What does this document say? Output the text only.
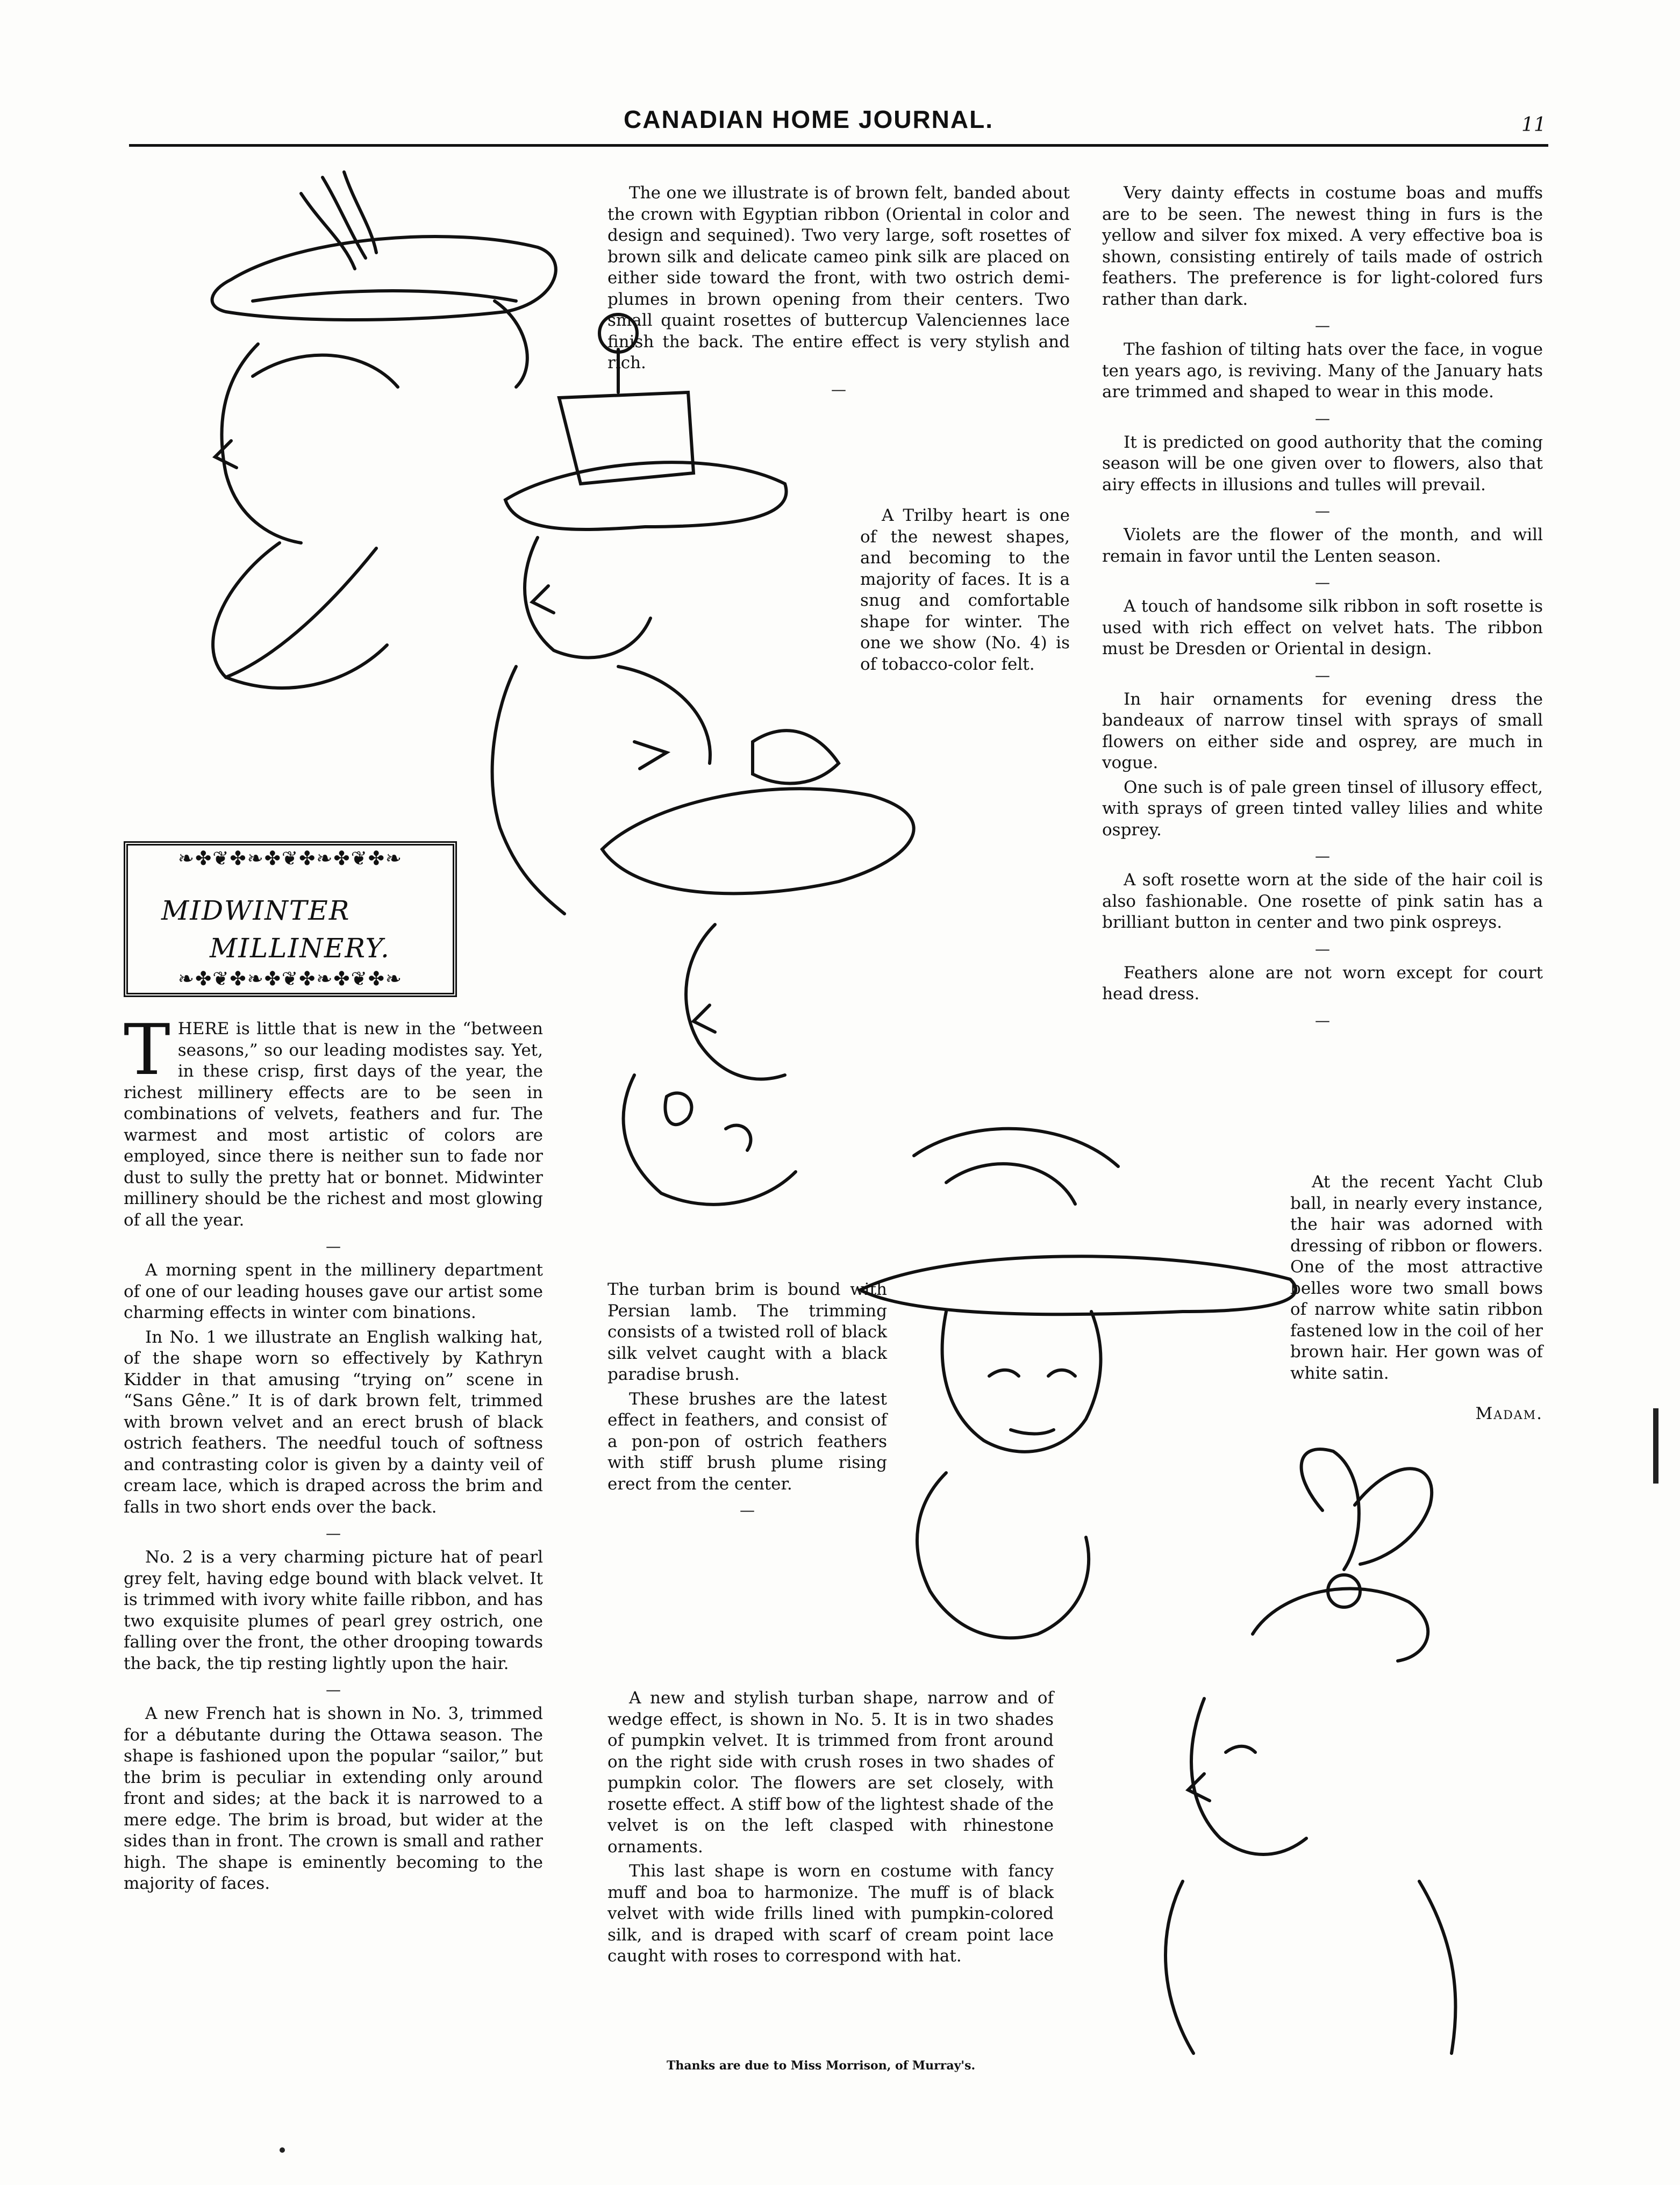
CANADIAN HOME JOURNAL.	11
❧✤❦✤❧✤❦✤❧✤❦✤❧
MIDWINTER
MILLINERY.
❧✤❦✤❧✤❦✤❧✤❦✤❧

THERE is little that is new in the “between seasons,” so our leading modistes say. Yet, in these crisp, first days of the year, the richest millinery effects are to be seen in combinations of velvets, feathers and fur. The warmest and most artistic of colors are employed, since there is neither sun to fade nor dust to sully the pretty hat or bonnet. Midwinter millinery should be the richest and most glowing of all the year.

—

A morning spent in the millinery department of one of our leading houses gave our artist some charming effects in winter com binations.

In No. 1 we illustrate an English walking hat, of the shape worn so effectively by Kathryn Kidder in that amusing “trying on” scene in “Sans Gêne.” It is of dark brown felt, trimmed with brown velvet and an erect brush of black ostrich feathers. The needful touch of softness and contrasting color is given by a dainty veil of cream lace, which is draped across the brim and falls in two short ends over the back.

—

No. 2 is a very charming picture hat of pearl grey felt, having edge bound with black velvet. It is trimmed with ivory white faille ribbon, and has two exquisite plumes of pearl grey ostrich, one falling over the front, the other drooping towards the back, the tip resting lightly upon the hair.

—

A new French hat is shown in No. 3, trimmed for a débutante during the Ottawa season. The shape is fashioned upon the popular “sailor,” but the brim is peculiar in extending only around front and sides; at the back it is narrowed to a mere edge. The brim is broad, but wider at the sides than in front. The crown is small and rather high. The shape is eminently becoming to the majority of faces.

The one we illustrate is of brown felt, banded about the crown with Egyptian ribbon (Oriental in color and design and sequined). Two very large, soft rosettes of brown silk and delicate cameo pink silk are placed on either side toward the front, with two ostrich demi-plumes in brown opening from their centers. Two small quaint rosettes of buttercup Valenciennes lace finish the back. The entire effect is very stylish and rich.

—

A Trilby heart is one of the newest shapes, and becoming to the majority of faces. It is a snug and comfortable shape for winter. The one we show (No. 4) is of tobacco-color felt.

The turban brim is bound with Persian lamb. The trimming consists of a twisted roll of black silk velvet caught with a black paradise brush.

These brushes are the latest effect in feathers, and consist of a pon-pon of ostrich feathers with stiff brush plume rising erect from the center.

—

A new and stylish turban shape, narrow and of wedge effect, is shown in No. 5. It is in two shades of pumpkin velvet. It is trimmed from front around on the right side with crush roses in two shades of pumpkin color. The flowers are set closely, with rosette effect. A stiff bow of the lightest shade of the velvet is on the left clasped with rhinestone ornaments.

This last shape is worn en costume with fancy muff and boa to harmonize. The muff is of black velvet with wide frills lined with pumpkin-colored silk, and is draped with scarf of cream point lace caught with roses to correspond with hat.

Very dainty effects in costume boas and muffs are to be seen. The newest thing in furs is the yellow and silver fox mixed. A very effective boa is shown, consisting entirely of tails made of ostrich feathers. The preference is for light-colored furs rather than dark.

—

The fashion of tilting hats over the face, in vogue ten years ago, is reviving. Many of the January hats are trimmed and shaped to wear in this mode.

—

It is predicted on good authority that the coming season will be one given over to flowers, also that airy effects in illusions and tulles will prevail.

—

Violets are the flower of the month, and will remain in favor until the Lenten season.

—

A touch of handsome silk ribbon in soft rosette is used with rich effect on velvet hats. The ribbon must be Dresden or Oriental in design.

—

In hair ornaments for evening dress the bandeaux of narrow tinsel with sprays of small flowers on either side and osprey, are much in vogue.

One such is of pale green tinsel of illusory effect, with sprays of green tinted valley lilies and white osprey.

—

A soft rosette worn at the side of the hair coil is also fashionable. One rosette of pink satin has a brilliant button in center and two pink ospreys.

—

Feathers alone are not worn except for court head dress.

—

At the recent Yacht Club ball, in nearly every instance, the hair was adorned with dressing of ribbon or flowers. One of the most attractive belles wore two small bows of narrow white satin ribbon fastened low in the coil of her brown hair. Her gown was of white satin.

Madam.

Thanks are due to Miss Morrison, of Murray's.
